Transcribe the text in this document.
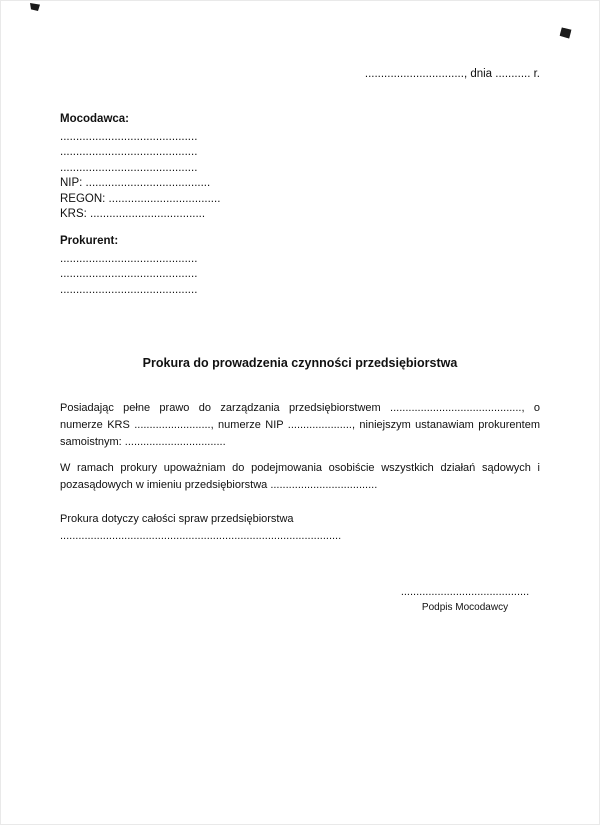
..............................., dnia ........... r.
Mocodawca:
...........................................
...........................................
...........................................
NIP: .......................................
REGON: ...................................
KRS: ....................................
Prokurent:
...........................................
...........................................
...........................................
Prokura do prowadzenia czynności przedsiębiorstwa

Posiadając pełne prawo do zarządzania przedsiębiorstwem ..........................................., o numerze KRS ........................., numerze NIP ....................., niniejszym ustanawiam prokurentem samoistnym: .................................

W ramach prokury upoważniam do podejmowania osobiście wszystkich działań sądowych i pozasądowych w imieniu przedsiębiorstwa ...................................

Prokura dotyczy całości spraw przedsiębiorstwa
............................................................................................
..........................................
Podpis Mocodawcy
